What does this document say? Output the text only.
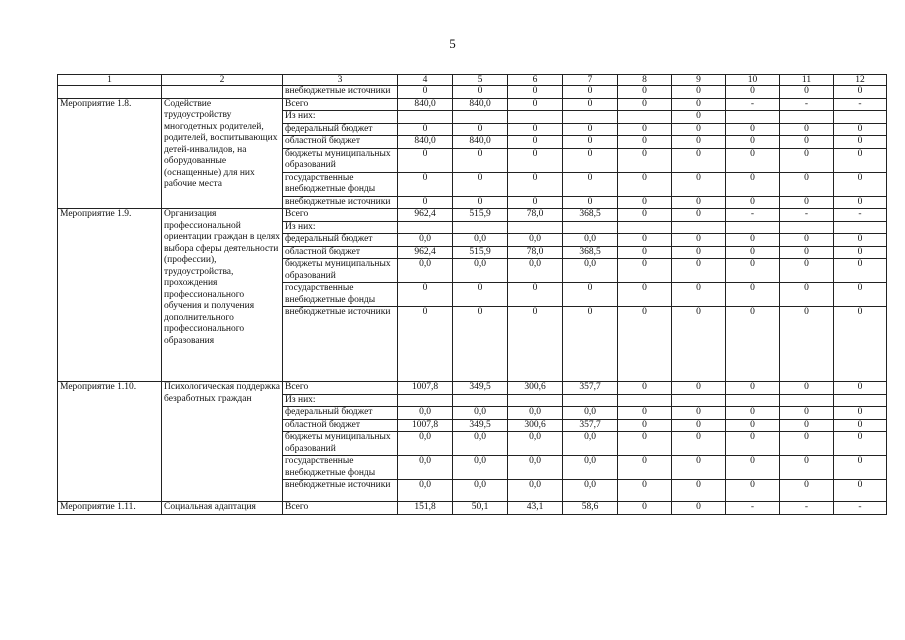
5
1	2	3	4	5	6	7	8	9	10	11	12
		внебюджетные источники	0	0	0	0	0	0	0	0	0
Мероприятие 1.8.	Содействие трудоустройству многодетных родителей, родителей, воспитывающих детей-инвалидов, на оборудованные (оснащенные) для них рабочие места	Всего	840,0	840,0	0	0	0	0	-	-	-
		Из них:						0			
		федеральный бюджет	0	0	0	0	0	0	0	0	0
		областной бюджет	840,0	840,0	0	0	0	0	0	0	0
		бюджеты муниципальных образований	0	0	0	0	0	0	0	0	0
		государственные внебюджетные фонды	0	0	0	0	0	0	0	0	0
		внебюджетные источники	0	0	0	0	0	0	0	0	0
Мероприятие 1.9.	Организация профессиональной ориентации граждан в целях выбора сферы деятельности (профессии), трудоустройства, прохождения профессионального обучения и получения дополнительного профессионального образования	Всего	962,4	515,9	78,0	368,5	0	0	-	-	-
		Из них:									
		федеральный бюджет	0,0	0,0	0,0	0,0	0	0	0	0	0
		областной бюджет	962,4	515,9	78,0	368,5	0	0	0	0	0
		бюджеты муниципальных образований	0,0	0,0	0,0	0,0	0	0	0	0	0
		государственные внебюджетные фонды	0	0	0	0	0	0	0	0	0
		внебюджетные источники	0	0	0	0	0	0	0	0	0
Мероприятие 1.10.	Психологическая поддержка безработных граждан	Всего	1007,8	349,5	300,6	357,7	0	0	0	0	0
		Из них:									
		федеральный бюджет	0,0	0,0	0,0	0,0	0	0	0	0	0
		областной бюджет	1007,8	349,5	300,6	357,7	0	0	0	0	0
		бюджеты муниципальных образований	0,0	0,0	0,0	0,0	0	0	0	0	0
		государственные внебюджетные фонды	0,0	0,0	0,0	0,0	0	0	0	0	0
		внебюджетные источники	0,0	0,0	0,0	0,0	0	0	0	0	0
Мероприятие 1.11.	Социальная адаптация	Всего	151,8	50,1	43,1	58,6	0	0	-	-	-
